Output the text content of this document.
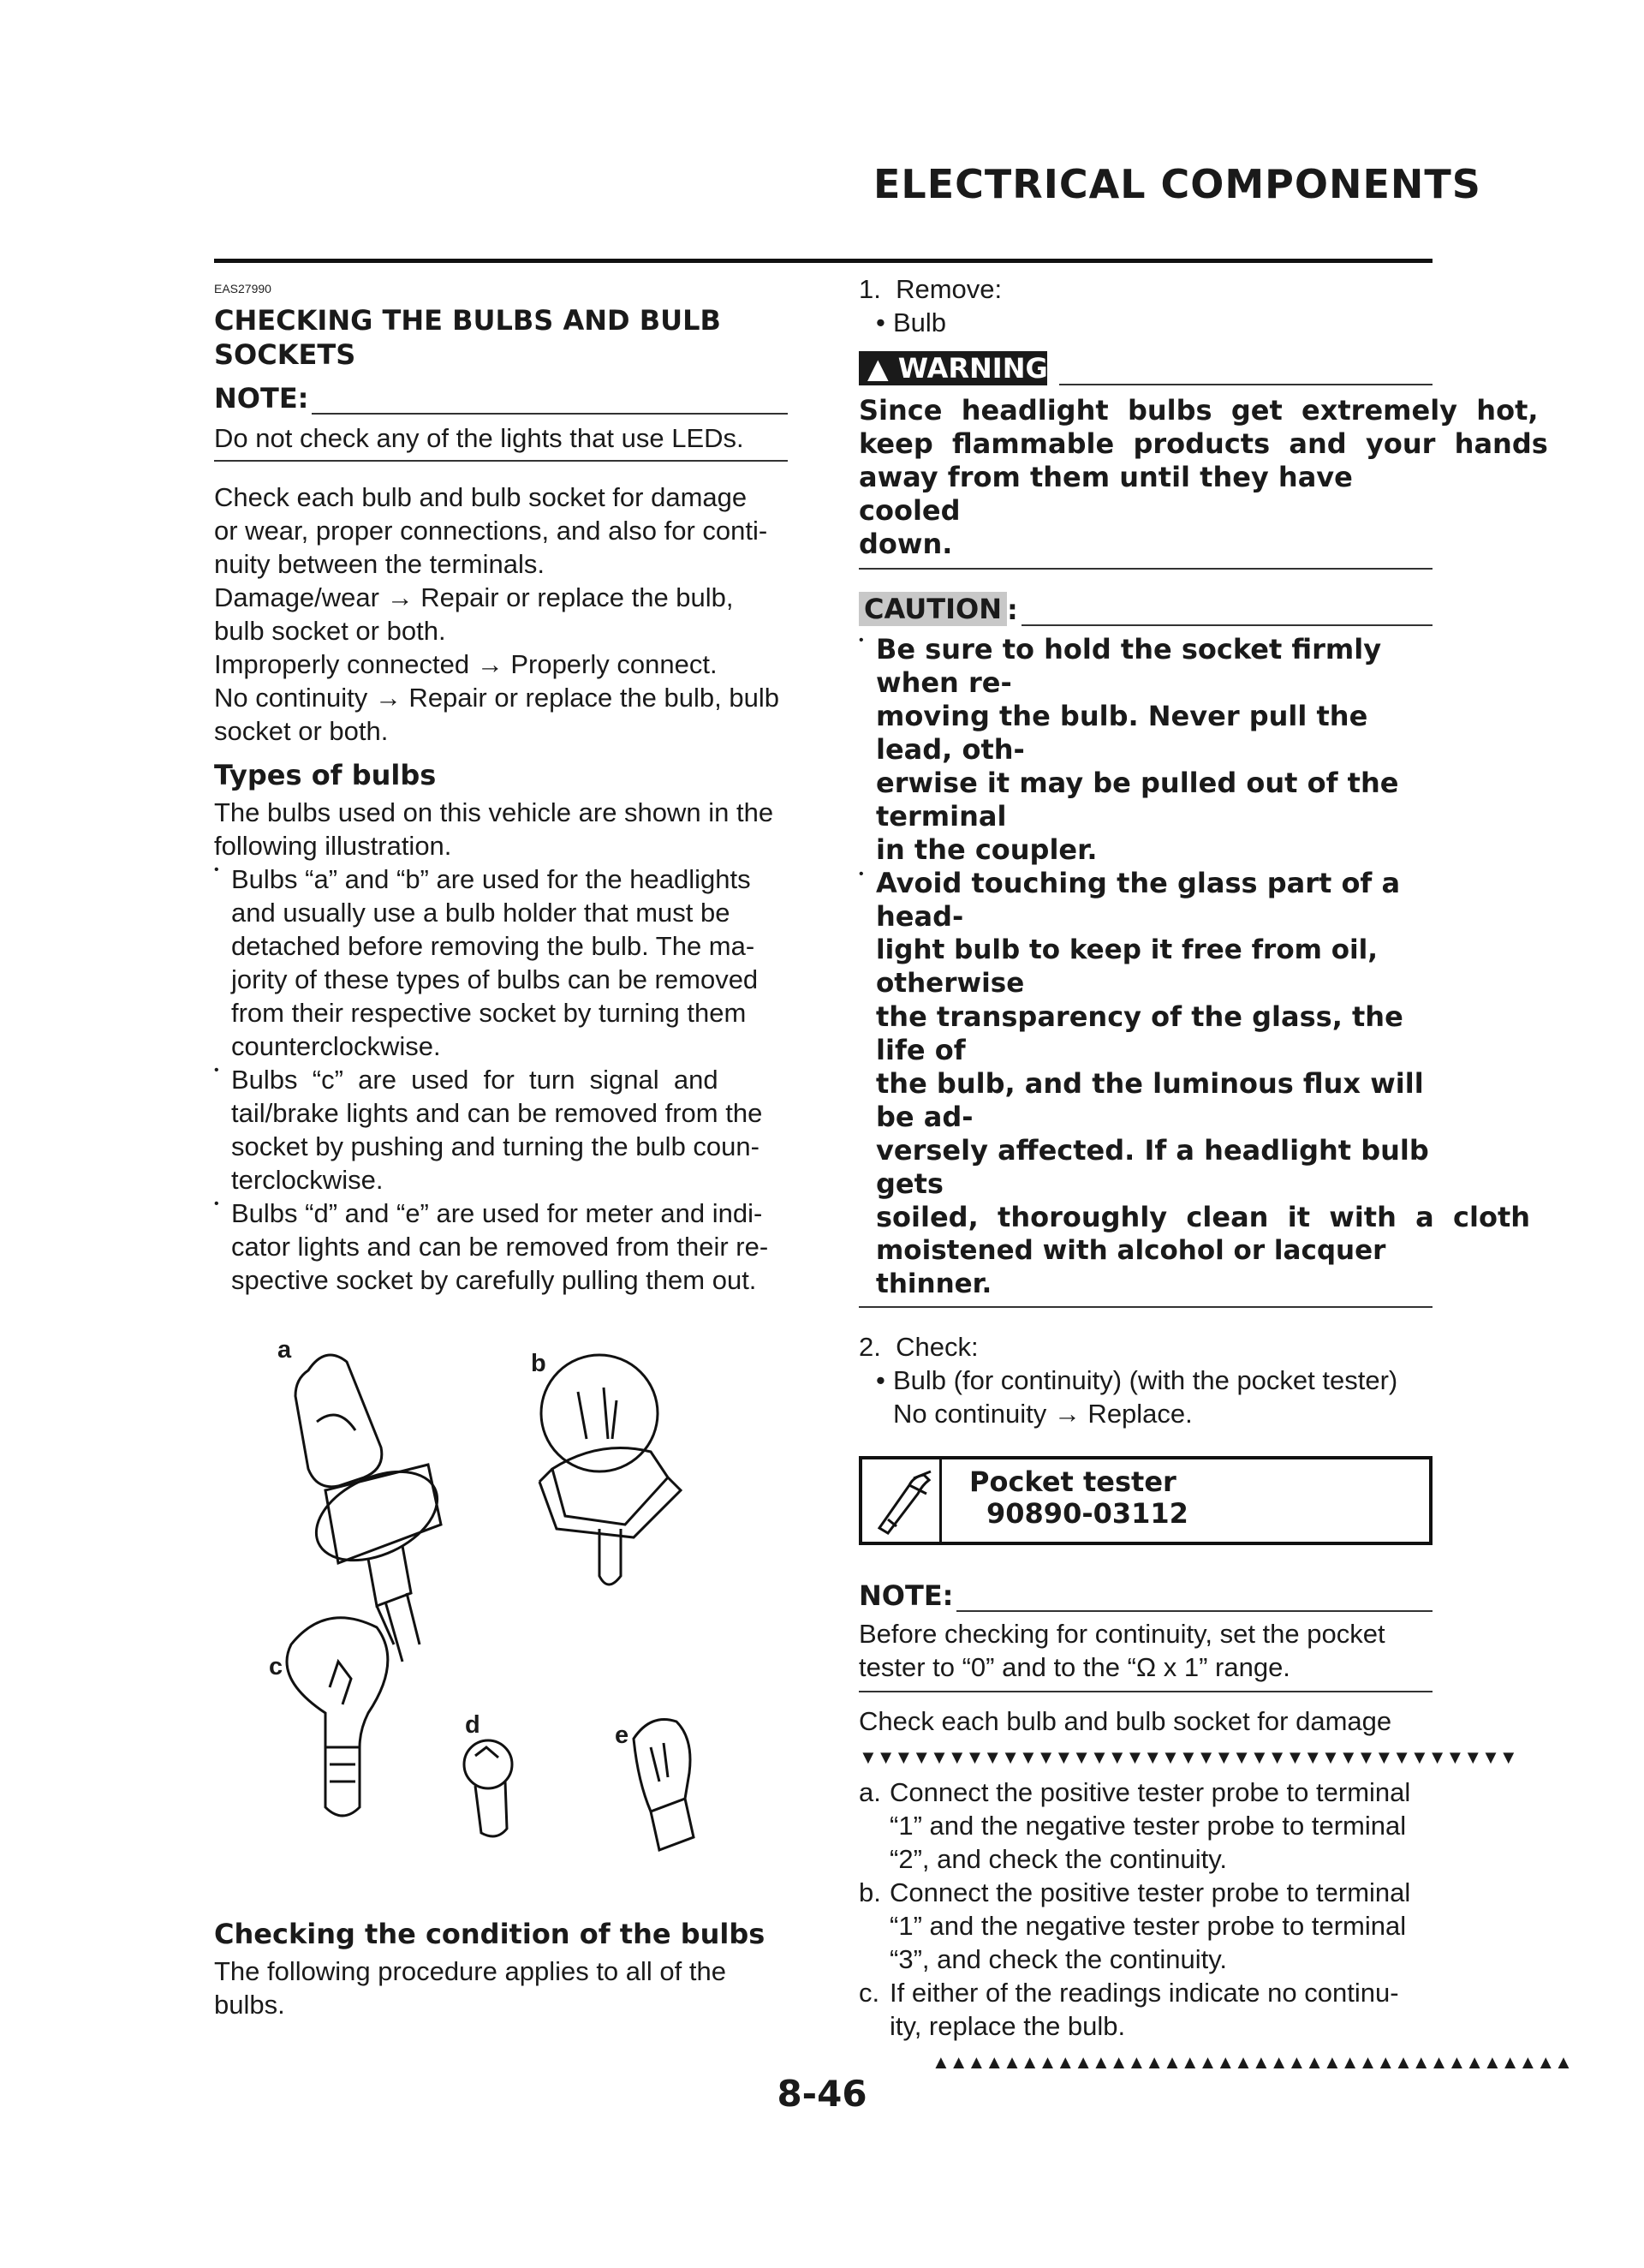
ELECTRICAL COMPONENTS
EAS27990
CHECKING THE BULBS AND BULB
SOCKETS
NOTE:

Do not check any of the lights that use LEDs.

Check each bulb and bulb socket for damage

or wear, proper connections, and also for conti-

nuity between the terminals.

Damage/wear → Repair or replace the bulb,

bulb socket or both.

Improperly connected → Properly connect.

No continuity → Repair or replace the bulb, bulb

socket or both.

Types of bulbs

The bulbs used on this vehicle are shown in the

following illustration.

• Bulbs “a” and “b” are used for the headlights

and usually use a bulb holder that must be

detached before removing the bulb. The ma-

jority of these types of bulbs can be removed

from their respective socket by turning them

counterclockwise.

• Bulbs  “c”  are  used  for  turn  signal  and

tail/brake lights and can be removed from the

socket by pushing and turning the bulb coun-

terclockwise.

• Bulbs “d” and “e” are used for meter and indi-

cator lights and can be removed from their re-

spective socket by carefully pulling them out.

a	b
c
d	e
Checking the condition of the bulbs

The following procedure applies to all of the

bulbs.

1.  Remove:

• Bulb

▲ WARNING
Since  headlight  bulbs  get  extremely  hot,
keep  flammable  products  and  your  hands
away from them until they have cooled
down.
CAUTION :
• Be sure to hold the socket firmly when re-
moving the bulb. Never pull the lead, oth-
erwise it may be pulled out of the terminal
in the coupler.
• Avoid touching the glass part of a head-
light bulb to keep it free from oil, otherwise
the transparency of the glass, the life of
the bulb, and the luminous flux will be ad-
versely affected. If a headlight bulb gets
soiled,  thoroughly  clean  it  with  a  cloth
moistened with alcohol or lacquer thinner.

2.  Check:

• Bulb (for continuity) (with the pocket tester)

No continuity → Replace.

Pocket tester
90890-03112
NOTE:

Before checking for continuity, set the pocket

tester to “0” and to the “Ω x 1” range.

Check each bulb and bulb socket for damage

▼▼▼▼▼▼▼▼▼▼▼▼▼▼▼▼▼▼▼▼▼▼▼▼▼▼▼▼▼▼▼▼▼▼▼▼▼
a. Connect the positive tester probe to terminal

“1” and the negative tester probe to terminal

“2”, and check the continuity.

b. Connect the positive tester probe to terminal

“1” and the negative tester probe to terminal

“3”, and check the continuity.

c. If either of the readings indicate no continu-

ity, replace the bulb.

▲▲▲▲▲▲▲▲▲▲▲▲▲▲▲▲▲▲▲▲▲▲▲▲▲▲▲▲▲▲▲▲▲▲▲▲
8-46
